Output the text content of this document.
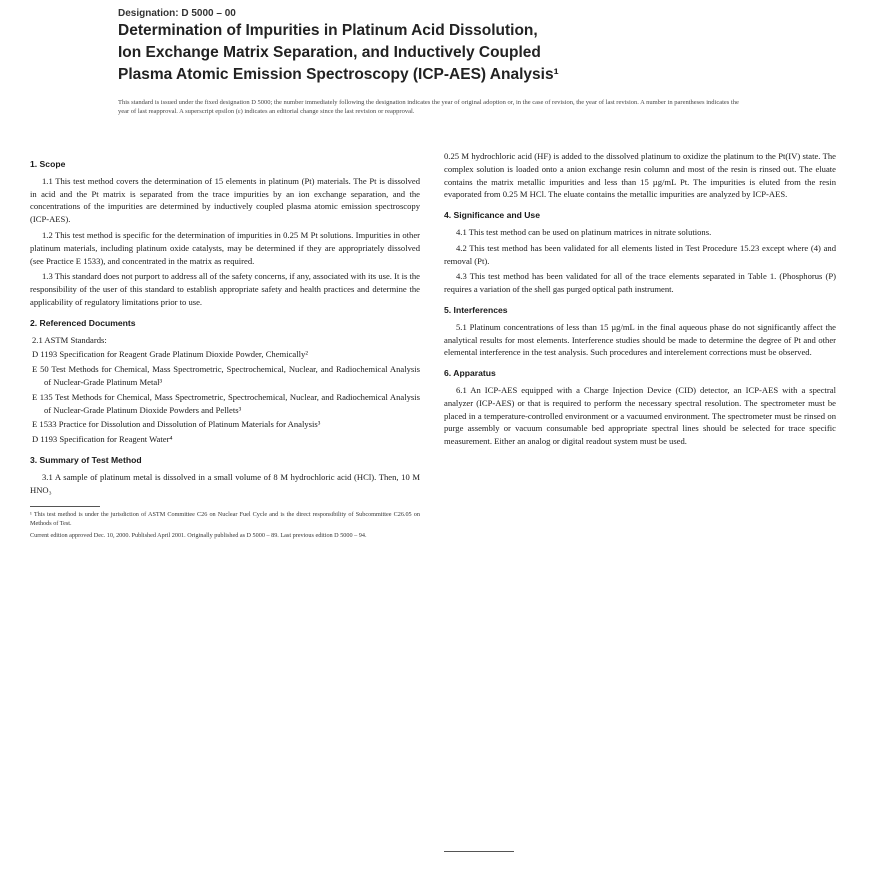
Designation: D 5000 – 00
Determination of Impurities in Platinum Acid Dissolution,
Ion Exchange Matrix Separation, and Inductively Coupled
Plasma Atomic Emission Spectroscopy (ICP-AES) Analysis¹
This standard is issued under the fixed designation D 5000; the number immediately following the designation indicates the year of original adoption or, in the case of revision, the year of last revision. A number in parentheses indicates the year of last reapproval. A superscript epsilon (ε) indicates an editorial change since the last revision or reapproval.
1. Scope
1.1 This test method covers the determination of 15 elements in platinum (Pt) materials. The Pt is dissolved in acid and the Pt matrix is separated from the trace impurities by an ion exchange separation, and the concentrations of the impurities are determined by inductively coupled plasma atomic emission spectroscopy (ICP-AES).
1.2 This test method is specific for the determination of impurities in 0.25 M Pt solutions. Impurities in other platinum materials, including platinum oxide catalysts, may be determined if they are appropriately dissolved (see Practice E 1533), and concentrated in the matrix as required.
1.3 This standard does not purport to address all of the safety concerns, if any, associated with its use. It is the responsibility of the user of this standard to establish appropriate safety and health practices and determine the applicability of regulatory limitations prior to use.
2. Referenced Documents
2.1 ASTM Standards:
D 1193 Specification for Reagent Grade Platinum Dioxide Powder, Chemically²
E 50 Test Methods for Chemical, Mass Spectrometric, Spectrochemical, Nuclear, and Radiochemical Analysis of Nuclear-Grade Platinum Metal³
E 135 Test Methods for Chemical, Mass Spectrometric, Spectrochemical, Nuclear, and Radiochemical Analysis of Nuclear-Grade Platinum Dioxide Powders and Pellets³
E 1533 Practice for Dissolution and Dissolution of Platinum Materials for Analysis³
D 1193 Specification for Reagent Water⁴
3. Summary of Test Method
3.1 A sample of platinum metal is dissolved in a small volume of 8 M hydrochloric acid (HCl). Then, 10 M HNO₃
¹ This test method is under the jurisdiction of ASTM Committee C26 on Nuclear Fuel Cycle and is the direct responsibility of Subcommittee C26.05 on Methods of Test.
Current edition approved Dec. 10, 2000. Published April 2001. Originally published as D 5000 – 89. Last previous edition D 5000 – 94.
0.25 M hydrochloric acid (HF) is added to the dissolved platinum to oxidize the platinum to the Pt(IV) state. The complex solution is loaded onto a anion exchange resin column and most of the resin is rinsed out. The eluate contains the matrix metallic impurities and less than 15 µg/mL Pt. The impurities is eluted from the resin evaporated from 0.25 M HCl. The eluate contains the metallic impurities are analyzed by ICP-AES.
4. Significance and Use
4.1 This test method can be used on platinum matrices in nitrate solutions.
4.2 This test method has been validated for all elements listed in Test Procedure 15.23 except where (4) and removal (Pt).
4.3 This test method has been validated for all of the trace elements separated in Table 1. (Phosphorus (P) requires a variation of the shell gas purged optical path instrument.
5. Interferences
5.1 Platinum concentrations of less than 15 µg/mL in the final aqueous phase do not significantly affect the analytical results for most elements. Interference studies should be made to determine the degree of Pt and other elemental interference in the test analysis. Such procedures and interelement corrections must be observed.
6. Apparatus
6.1 An ICP-AES equipped with a Charge Injection Device (CID) detector, an ICP-AES with a spectral analyzer (ICP-AES) or that is required to perform the necessary spectral resolution. The spectrometer must be placed in a temperature-controlled environment or a vacuumed environment. The spectrometer must be rinsed on purge assembly or vacuum consumable bed appropriate spectral lines should be selected for trace specific measurement. Either an analog or digital readout system must be used.
